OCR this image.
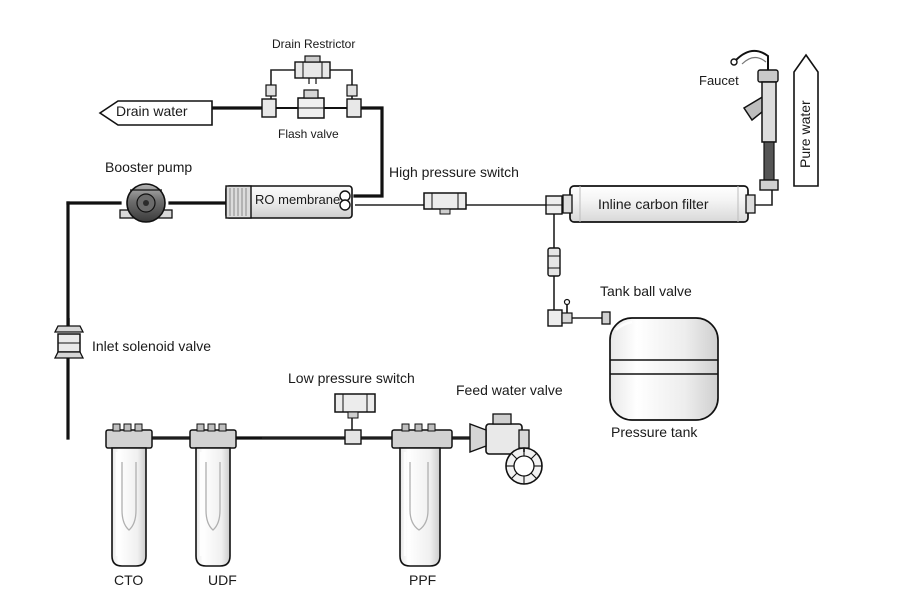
Drain Restrictor
Drain water
Flash valve
Booster pump
RO membrane
High pressure switch
Faucet
Pure water
Inline carbon filter
Tank ball valve
Inlet solenoid valve
Low pressure switch
Feed water valve
Pressure tank
CTO	UDF	PPF
